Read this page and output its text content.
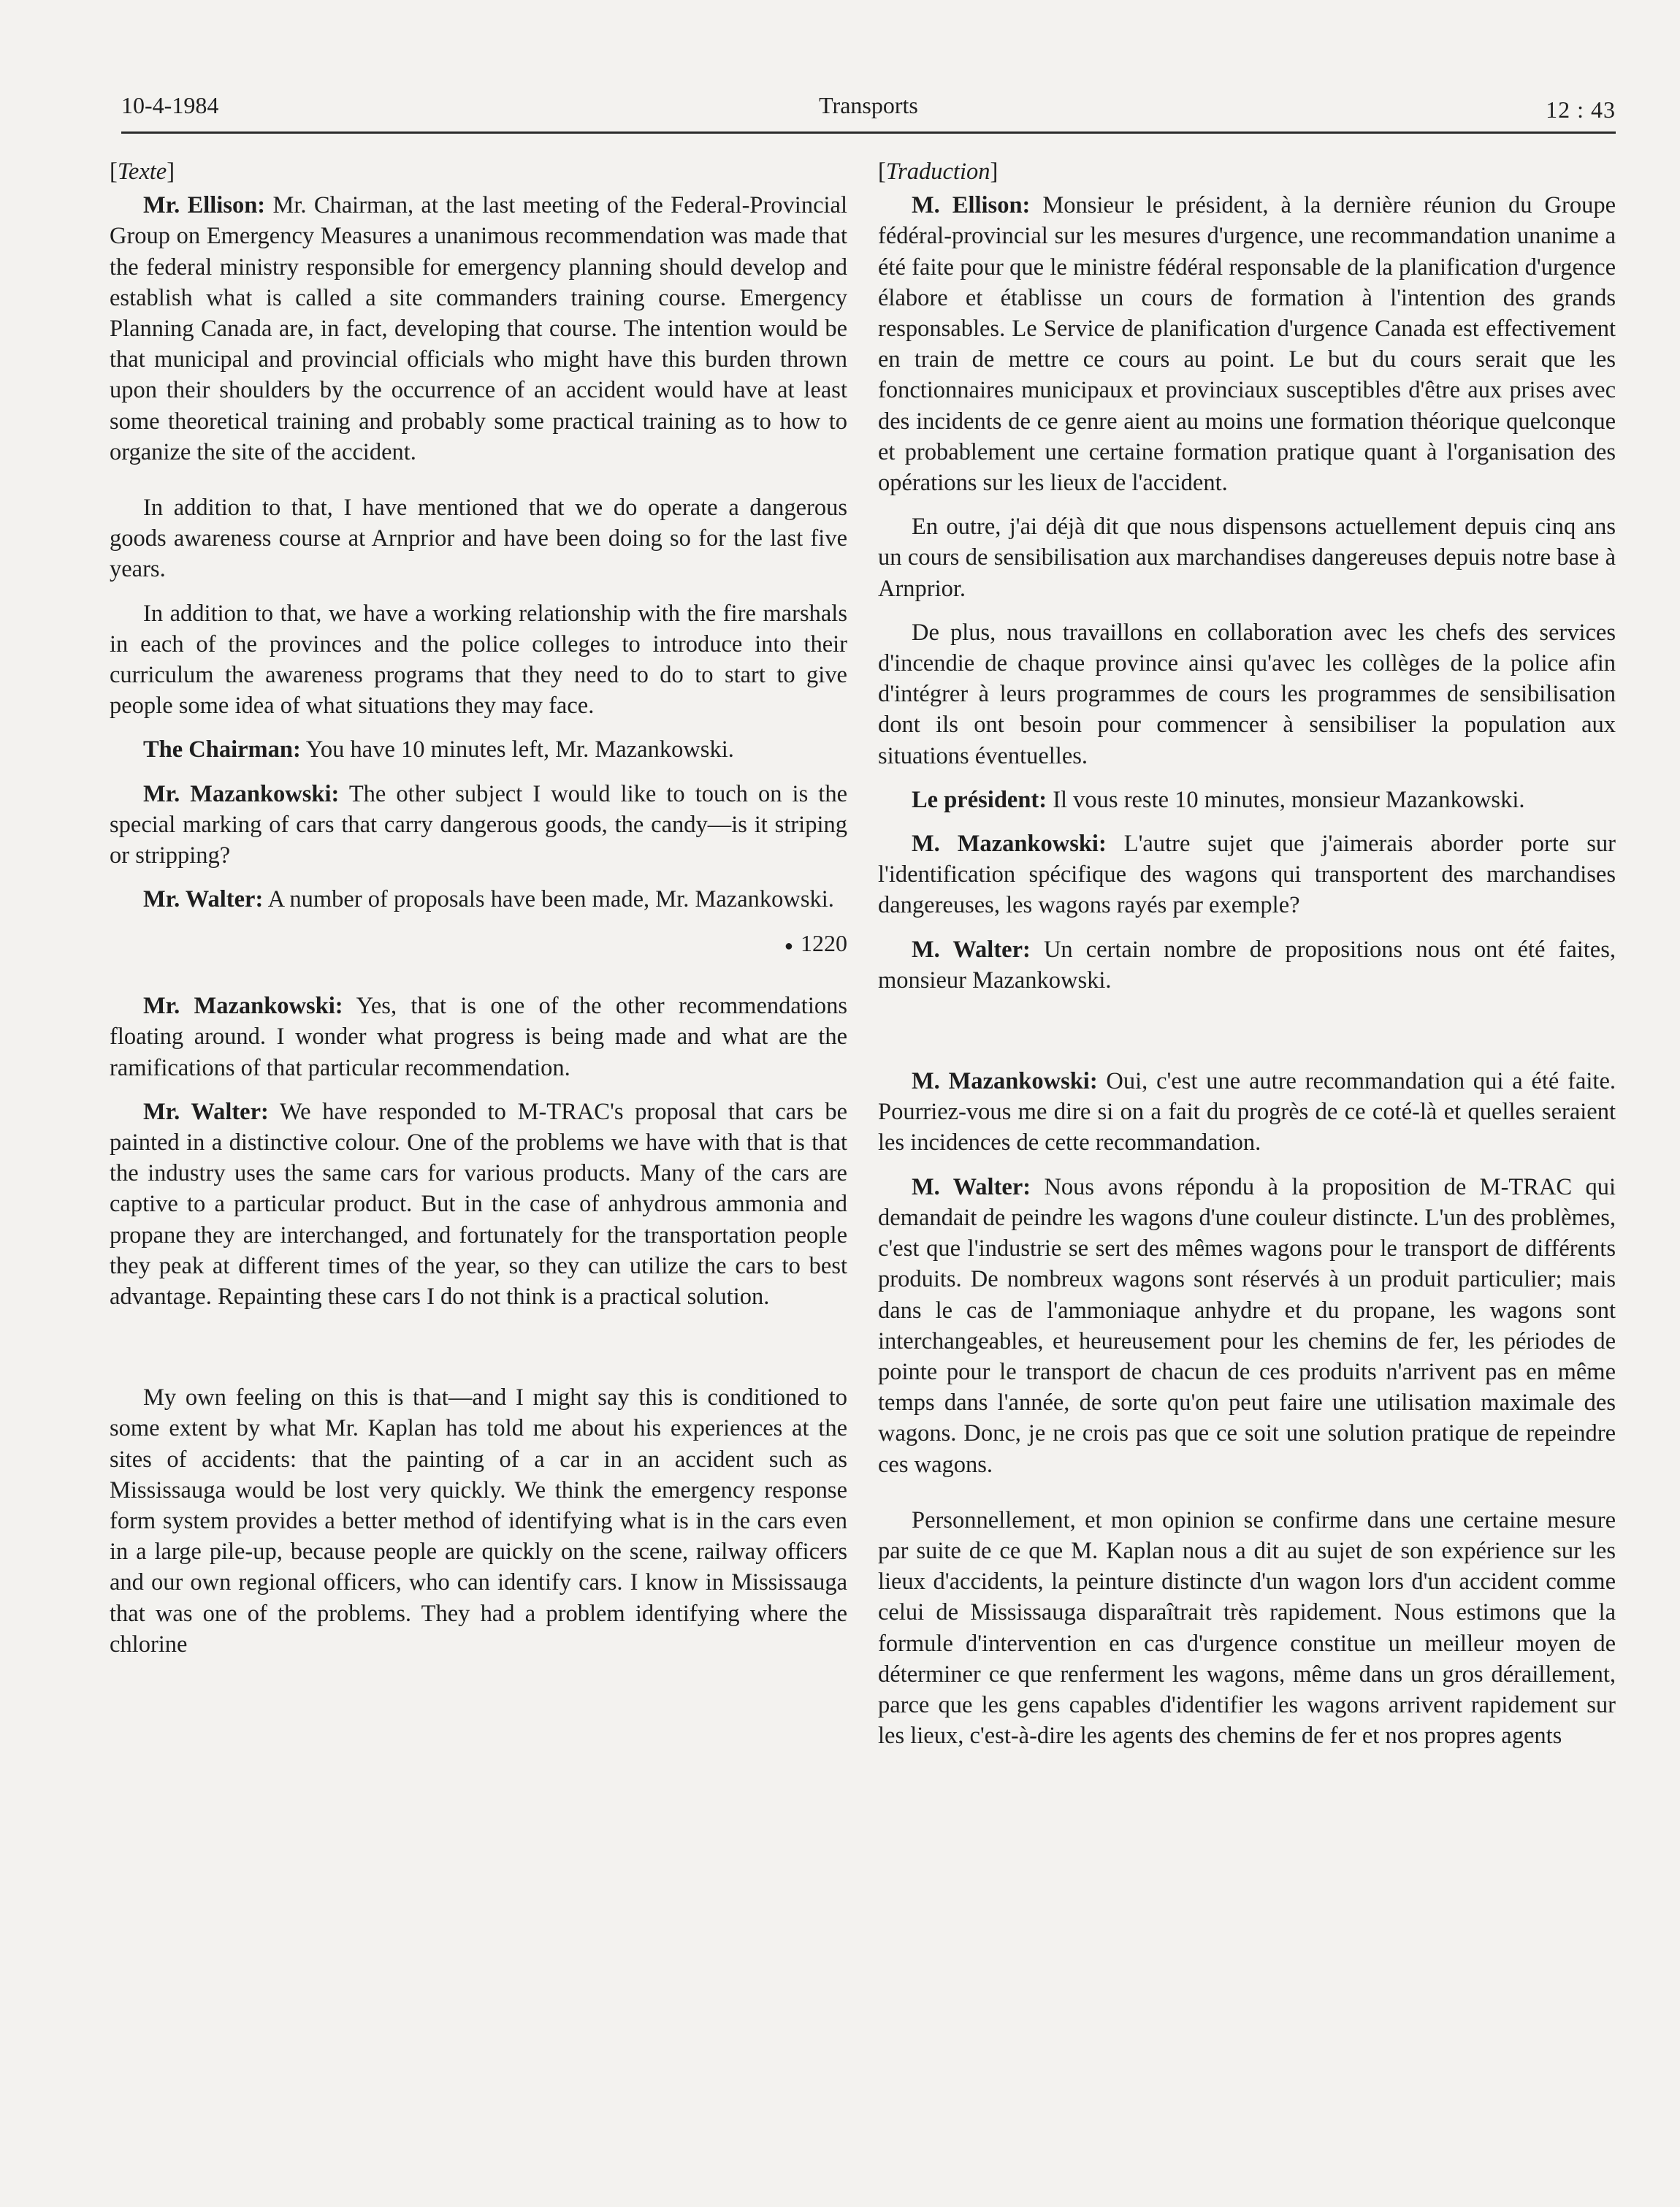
10-4-1984	Transports	12 : 43

[Texte]

Mr. Ellison: Mr. Chairman, at the last meeting of the Federal-Provincial Group on Emergency Measures a unanimous recommendation was made that the federal ministry responsible for emergency planning should develop and establish what is called a site commanders training course. Emergency Planning Canada are, in fact, developing that course. The intention would be that municipal and provincial officials who might have this burden thrown upon their shoulders by the occurrence of an accident would have at least some theoretical training and probably some practical training as to how to organize the site of the accident.

In addition to that, I have mentioned that we do operate a dangerous goods awareness course at Arnprior and have been doing so for the last five years.

In addition to that, we have a working relationship with the fire marshals in each of the provinces and the police colleges to introduce into their curriculum the awareness programs that they need to do to start to give people some idea of what situations they may face.

The Chairman: You have 10 minutes left, Mr. Mazankowski.

Mr. Mazankowski: The other subject I would like to touch on is the special marking of cars that carry dangerous goods, the candy—is it striping or stripping?

Mr. Walter: A number of proposals have been made, Mr. Mazankowski.

● 1220

Mr. Mazankowski: Yes, that is one of the other recommendations floating around. I wonder what progress is being made and what are the ramifications of that particular recommendation.

Mr. Walter: We have responded to M-TRAC's proposal that cars be painted in a distinctive colour. One of the problems we have with that is that the industry uses the same cars for various products. Many of the cars are captive to a particular product. But in the case of anhydrous ammonia and propane they are interchanged, and fortunately for the transportation people they peak at different times of the year, so they can utilize the cars to best advantage. Repainting these cars I do not think is a practical solution.

My own feeling on this is that—and I might say this is conditioned to some extent by what Mr. Kaplan has told me about his experiences at the sites of accidents: that the painting of a car in an accident such as Mississauga would be lost very quickly. We think the emergency response form system provides a better method of identifying what is in the cars even in a large pile-up, because people are quickly on the scene, railway officers and our own regional officers, who can identify cars. I know in Mississauga that was one of the problems. They had a problem identifying where the chlorine

[Traduction]

M. Ellison: Monsieur le président, à la dernière réunion du Groupe fédéral-provincial sur les mesures d'urgence, une recommandation unanime a été faite pour que le ministre fédéral responsable de la planification d'urgence élabore et établisse un cours de formation à l'intention des grands responsables. Le Service de planification d'urgence Canada est effectivement en train de mettre ce cours au point. Le but du cours serait que les fonctionnaires municipaux et provinciaux susceptibles d'être aux prises avec des incidents de ce genre aient au moins une formation théorique quelconque et probablement une certaine formation pratique quant à l'organisation des opérations sur les lieux de l'accident.

En outre, j'ai déjà dit que nous dispensons actuellement depuis cinq ans un cours de sensibilisation aux marchandises dangereuses depuis notre base à Arnprior.

De plus, nous travaillons en collaboration avec les chefs des services d'incendie de chaque province ainsi qu'avec les collèges de la police afin d'intégrer à leurs programmes de cours les programmes de sensibilisation dont ils ont besoin pour commencer à sensibiliser la population aux situations éventuelles.

Le président: Il vous reste 10 minutes, monsieur Mazankowski.

M. Mazankowski: L'autre sujet que j'aimerais aborder porte sur l'identification spécifique des wagons qui transportent des marchandises dangereuses, les wagons rayés par exemple?

M. Walter: Un certain nombre de propositions nous ont été faites, monsieur Mazankowski.

M. Mazankowski: Oui, c'est une autre recommandation qui a été faite. Pourriez-vous me dire si on a fait du progrès de ce coté-là et quelles seraient les incidences de cette recommandation.

M. Walter: Nous avons répondu à la proposition de M-TRAC qui demandait de peindre les wagons d'une couleur distincte. L'un des problèmes, c'est que l'industrie se sert des mêmes wagons pour le transport de différents produits. De nombreux wagons sont réservés à un produit particulier; mais dans le cas de l'ammoniaque anhydre et du propane, les wagons sont interchangeables, et heureusement pour les chemins de fer, les périodes de pointe pour le transport de chacun de ces produits n'arrivent pas en même temps dans l'année, de sorte qu'on peut faire une utilisation maximale des wagons. Donc, je ne crois pas que ce soit une solution pratique de repeindre ces wagons.

Personnellement, et mon opinion se confirme dans une certaine mesure par suite de ce que M. Kaplan nous a dit au sujet de son expérience sur les lieux d'accidents, la peinture distincte d'un wagon lors d'un accident comme celui de Mississauga disparaîtrait très rapidement. Nous estimons que la formule d'intervention en cas d'urgence constitue un meilleur moyen de déterminer ce que renferment les wagons, même dans un gros déraillement, parce que les gens capables d'identifier les wagons arrivent rapidement sur les lieux, c'est-à-dire les agents des chemins de fer et nos propres agents
